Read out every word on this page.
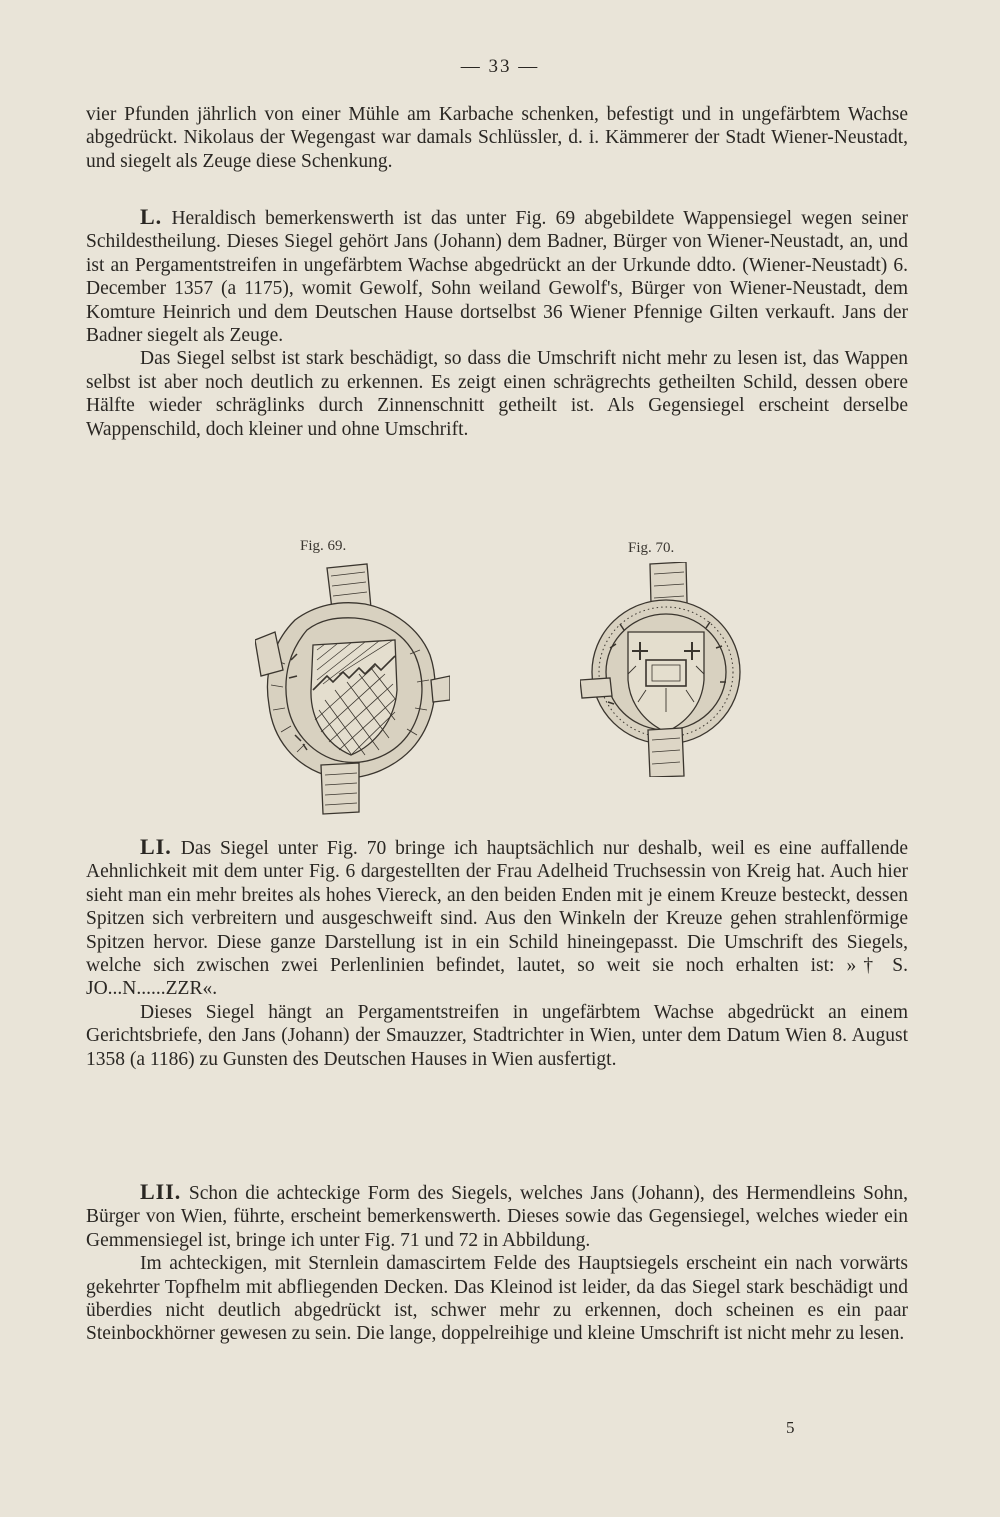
— 33 —

vier Pfunden jährlich von einer Mühle am Karbache schenken, befestigt und in ungefärbtem Wachse abgedrückt. Nikolaus der Wegengast war damals Schlüssler, d. i. Kämmerer der Stadt Wiener-Neustadt, und siegelt als Zeuge diese Schenkung.

L. Heraldisch bemerkenswerth ist das unter Fig. 69 abgebildete Wappensiegel wegen seiner Schildestheilung. Dieses Siegel gehört Jans (Johann) dem Badner, Bürger von Wiener-Neustadt, an, und ist an Pergamentstreifen in ungefärbtem Wachse abgedrückt an der Urkunde ddto. (Wiener-Neustadt) 6. December 1357 (a 1175), womit Gewolf, Sohn weiland Gewolf's, Bürger von Wiener-Neustadt, dem Komture Heinrich und dem Deutschen Hause dortselbst 36 Wiener Pfennige Gilten verkauft. Jans der Badner siegelt als Zeuge.

Das Siegel selbst ist stark beschädigt, so dass die Umschrift nicht mehr zu lesen ist, das Wappen selbst ist aber noch deutlich zu erkennen. Es zeigt einen schrägrechts getheilten Schild, dessen obere Hälfte wieder schräglinks durch Zinnenschnitt getheilt ist. Als Gegensiegel erscheint derselbe Wappenschild, doch kleiner und ohne Umschrift.

Fig. 69.	Fig. 70.

LI. Das Siegel unter Fig. 70 bringe ich hauptsächlich nur deshalb, weil es eine auffallende Aehnlichkeit mit dem unter Fig. 6 dargestellten der Frau Adelheid Truchsessin von Kreig hat. Auch hier sieht man ein mehr breites als hohes Viereck, an den beiden Enden mit je einem Kreuze besteckt, dessen Spitzen sich verbreitern und ausgeschweift sind. Aus den Winkeln der Kreuze gehen strahlenförmige Spitzen hervor. Diese ganze Darstellung ist in ein Schild hineingepasst. Die Umschrift des Siegels, welche sich zwischen zwei Perlenlinien befindet, lautet, so weit sie noch erhalten ist: »† S. JO...N......ZZR«.

Dieses Siegel hängt an Pergamentstreifen in ungefärbtem Wachse abgedrückt an einem Gerichtsbriefe, den Jans (Johann) der Smauzzer, Stadtrichter in Wien, unter dem Datum Wien 8. August 1358 (a 1186) zu Gunsten des Deutschen Hauses in Wien ausfertigt.

LII. Schon die achteckige Form des Siegels, welches Jans (Johann), des Hermendleins Sohn, Bürger von Wien, führte, erscheint bemerkenswerth. Dieses sowie das Gegensiegel, welches wieder ein Gemmensiegel ist, bringe ich unter Fig. 71 und 72 in Abbildung.

Im achteckigen, mit Sternlein damascirtem Felde des Hauptsiegels erscheint ein nach vorwärts gekehrter Topfhelm mit abfliegenden Decken. Das Kleinod ist leider, da das Siegel stark beschädigt und überdies nicht deutlich abgedrückt ist, schwer mehr zu erkennen, doch scheinen es ein paar Steinbockhörner gewesen zu sein. Die lange, doppelreihige und kleine Umschrift ist nicht mehr zu lesen.

5
